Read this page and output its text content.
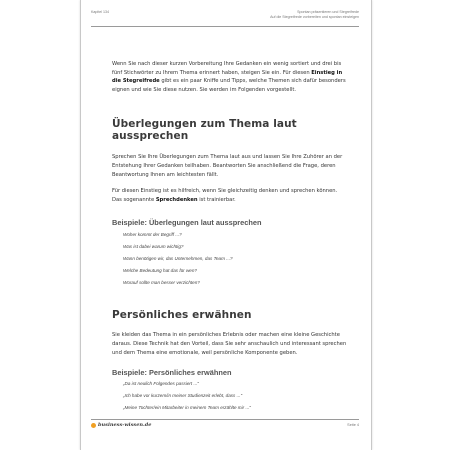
Kapitel 134	Spontan präsentieren und Stegreifrede
Auf die Stegreifrede vorbereiten und spontan einsteigen

Wenn Sie nach dieser kurzen Vorbereitung Ihre Gedanken ein wenig sortiert und drei bis fünf Stichwörter zu Ihrem Thema erinnert haben, steigen Sie ein. Für diesen Einstieg in die Stegreifrede gibt es ein paar Kniffe und Tipps, welche Themen sich dafür besonders eignen und wie Sie diese nutzen. Sie werden im Folgenden vorgestellt.

Überlegungen zum Thema laut aussprechen

Sprechen Sie Ihre Überlegungen zum Thema laut aus und lassen Sie Ihre Zuhörer an der Entstehung Ihrer Gedanken teilhaben. Beantworten Sie anschließend die Frage, deren Beantwortung Ihnen am leichtesten fällt.

Für diesen Einstieg ist es hilfreich, wenn Sie gleichzeitig denken und sprechen können. Das sogenannte Sprechdenken ist trainierbar.

Beispiele: Überlegungen laut aussprechen
Woher kommt der Begriff ...?
Was ist dabei warum wichtig?
Wann benötigen wir, das Unternehmen, das Team ...?
Welche Bedeutung hat das für wen?
Worauf sollte man besser verzichten?
Persönliches erwähnen

Sie kleiden das Thema in ein persönliches Erlebnis oder machen eine kleine Geschichte daraus. Diese Technik hat den Vorteil, dass Sie sehr anschaulich und interessant sprechen und dem Thema eine emotionale, weil persönliche Komponente geben.

Beispiele: Persönliches erwähnen
„Da ist neulich Folgendes passiert ..."
„Ich habe vor kurzem/in meiner Studienzeit erlebt, dass ..."
„Meine Tochter/ein Mitarbeiter in meinem Team erzählte mir ..."
business-wissen.de	Seite 4
